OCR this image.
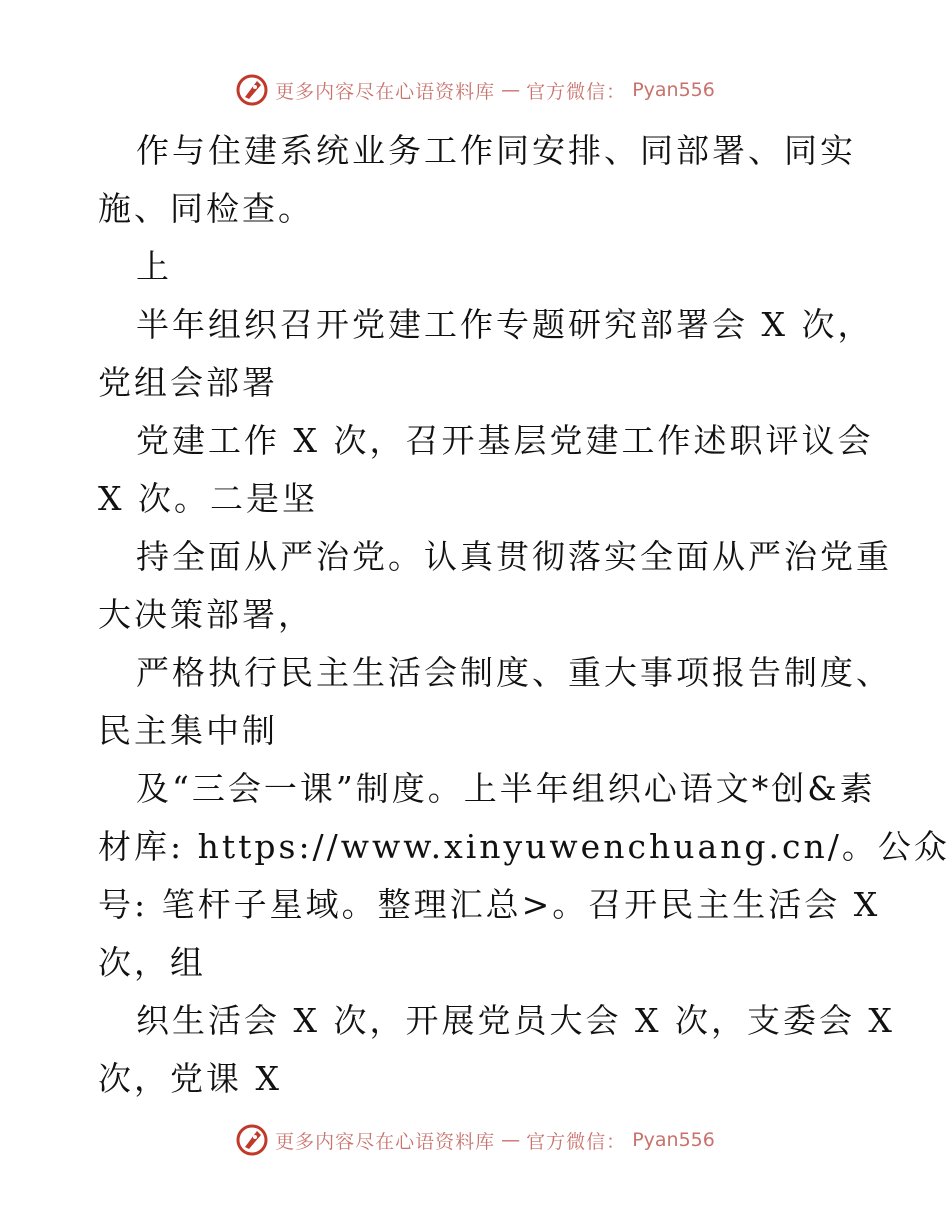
更多内容尽在心语资料库 — 官方微信： Pyan556
作与住建系统业务工作同安排、同部署、同实
施、同检查。
上
半年组织召开党建工作专题研究部署会 X 次，
党组会部署
党建工作 X 次，召开基层党建工作述职评议会
X 次。二是坚
持全面从严治党。认真贯彻落实全面从严治党重
大决策部署，
严格执行民主生活会制度、重大事项报告制度、
民主集中制
及“三会一课”制度。上半年组织心语文*创&素
材库: https://www.xinyuwenchuang.cn/。公众
号: 笔杆子星域。整理汇总>。召开民主生活会 X
次，组
织生活会 X 次，开展党员大会 X 次，支委会 X
次，党课 X
更多内容尽在心语资料库 — 官方微信： Pyan556
